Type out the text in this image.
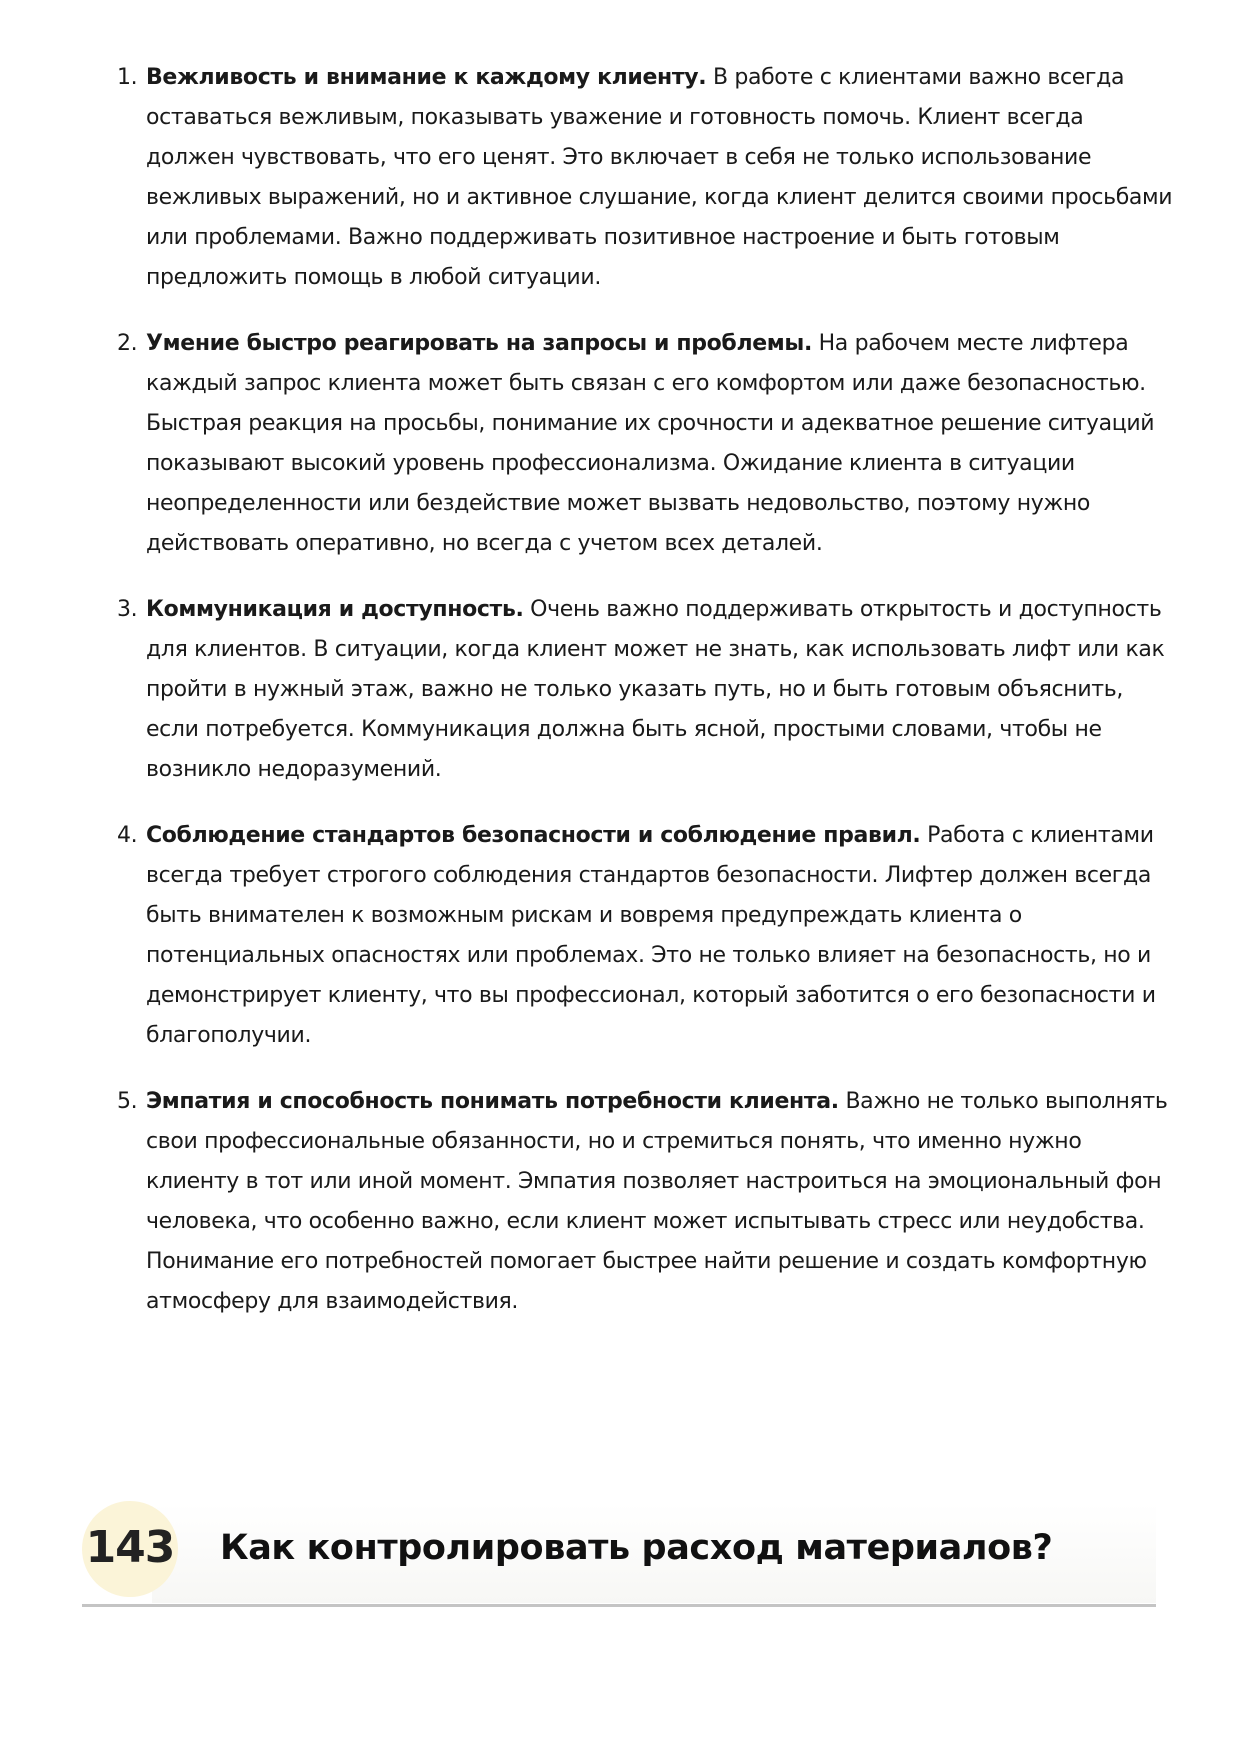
1. Вежливость и внимание к каждому клиенту. В работе с клиентами важно всегда оставаться вежливым, показывать уважение и готовность помочь. Клиент всегда должен чувствовать, что его ценят. Это включает в себя не только использование вежливых выражений, но и активное слушание, когда клиент делится своими просьбами или проблемами. Важно поддерживать позитивное настроение и быть готовым предложить помощь в любой ситуации.
2. Умение быстро реагировать на запросы и проблемы. На рабочем месте лифтера каждый запрос клиента может быть связан с его комфортом или даже безопасностью. Быстрая реакция на просьбы, понимание их срочности и адекватное решение ситуаций показывают высокий уровень профессионализма. Ожидание клиента в ситуации неопределенности или бездействие может вызвать недовольство, поэтому нужно действовать оперативно, но всегда с учетом всех деталей.
3. Коммуникация и доступность. Очень важно поддерживать открытость и доступность для клиентов. В ситуации, когда клиент может не знать, как использовать лифт или как пройти в нужный этаж, важно не только указать путь, но и быть готовым объяснить, если потребуется. Коммуникация должна быть ясной, простыми словами, чтобы не возникло недоразумений.
4. Соблюдение стандартов безопасности и соблюдение правил. Работа с клиентами всегда требует строгого соблюдения стандартов безопасности. Лифтер должен всегда быть внимателен к возможным рискам и вовремя предупреждать клиента о потенциальных опасностях или проблемах. Это не только влияет на безопасность, но и демонстрирует клиенту, что вы профессионал, который заботится о его безопасности и благополучии.
5. Эмпатия и способность понимать потребности клиента. Важно не только выполнять свои профессиональные обязанности, но и стремиться понять, что именно нужно клиенту в тот или иной момент. Эмпатия позволяет настроиться на эмоциональный фон человека, что особенно важно, если клиент может испытывать стресс или неудобства. Понимание его потребностей помогает быстрее найти решение и создать комфортную атмосферу для взаимодействия.
143 Как контролировать расход материалов?
